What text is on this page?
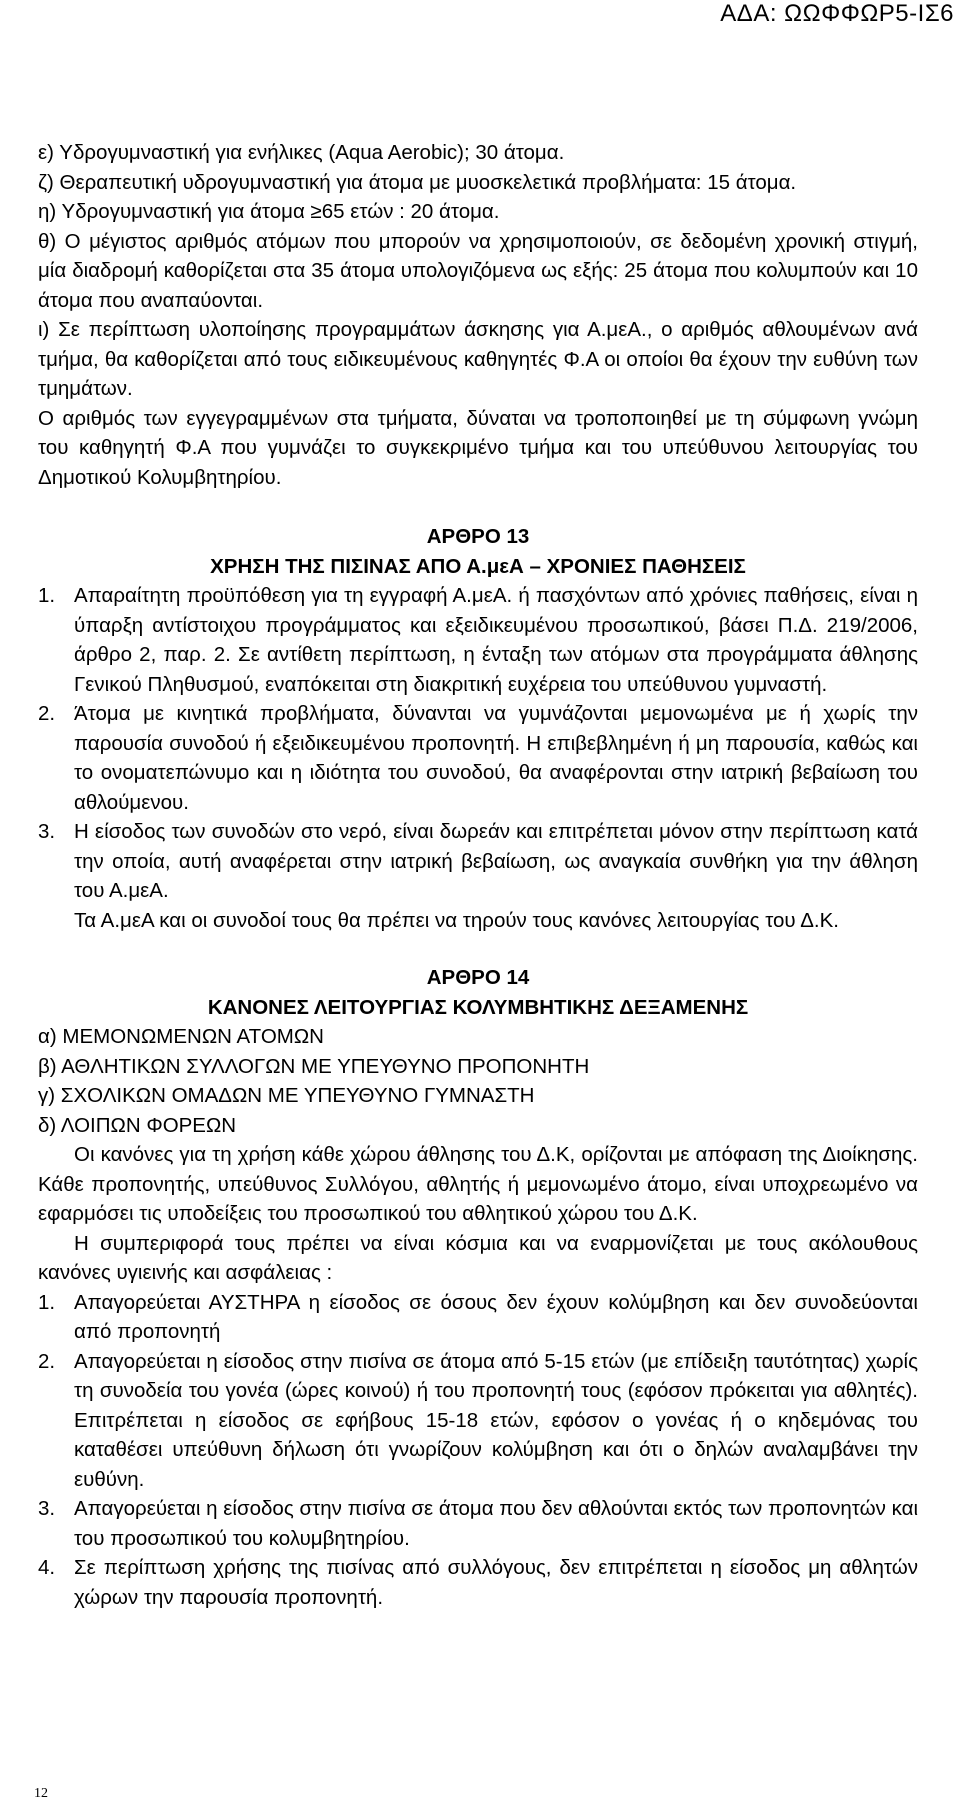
ΑΔΑ: ΩΩΦΦΩΡ5-ΙΣ6

ε) Υδρογυμναστική για ενήλικες (Aqua Aerobic); 30 άτομα.

ζ) Θεραπευτική υδρογυμναστική για άτομα με μυοσκελετικά προβλήματα: 15 άτομα.

η) Υδρογυμναστική για άτομα ≥65 ετών : 20 άτομα.

θ) Ο μέγιστος αριθμός ατόμων που μπορούν να χρησιμοποιούν, σε δεδομένη χρονική στιγμή, μία διαδρομή καθορίζεται στα 35 άτομα υπολογιζόμενα ως εξής: 25 άτομα που κολυμπούν και 10 άτομα που αναπαύονται.

ι) Σε περίπτωση υλοποίησης προγραμμάτων άσκησης για Α.μεΑ., ο αριθμός αθλουμένων ανά τμήμα, θα καθορίζεται από τους ειδικευμένους καθηγητές Φ.Α οι οποίοι θα έχουν την ευθύνη των τμημάτων.

Ο αριθμός των εγγεγραμμένων στα τμήματα, δύναται να τροποποιηθεί με τη σύμφωνη γνώμη του καθηγητή Φ.Α που γυμνάζει το συγκεκριμένο τμήμα και του υπεύθυνου λειτουργίας του Δημοτικού Κολυμβητηρίου.

ΑΡΘΡΟ 13

ΧΡΗΣΗ ΤΗΣ ΠΙΣΙΝΑΣ ΑΠΟ Α.μεΑ – ΧΡΟΝΙΕΣ ΠΑΘΗΣΕΙΣ

1. Απαραίτητη προϋπόθεση για τη εγγραφή Α.μεΑ. ή πασχόντων από χρόνιες παθήσεις, είναι η ύπαρξη αντίστοιχου προγράμματος και εξειδικευμένου προσωπικού, βάσει Π.Δ. 219/2006, άρθρο 2, παρ. 2. Σε αντίθετη περίπτωση, η ένταξη των ατόμων στα προγράμματα άθλησης Γενικού Πληθυσμού, εναπόκειται στη διακριτική ευχέρεια του υπεύθυνου γυμναστή.
2. Άτομα με κινητικά προβλήματα, δύνανται να γυμνάζονται μεμονωμένα με ή χωρίς την παρουσία συνοδού ή εξειδικευμένου προπονητή. Η επιβεβλημένη ή μη παρουσία, καθώς και το ονοματεπώνυμο και η ιδιότητα του συνοδού, θα αναφέρονται στην ιατρική βεβαίωση του αθλούμενου.
3. Η είσοδος των συνοδών στο νερό, είναι δωρεάν και επιτρέπεται μόνον στην περίπτωση κατά την οποία, αυτή αναφέρεται στην ιατρική βεβαίωση, ως αναγκαία συνθήκη για την άθληση του Α.μεΑ.

Τα Α.μεΑ και οι συνοδοί τους θα πρέπει να τηρούν τους κανόνες λειτουργίας του Δ.Κ.

ΑΡΘΡΟ 14

ΚΑΝΟΝΕΣ ΛΕΙΤΟΥΡΓΙΑΣ ΚΟΛΥΜΒΗΤΙΚΗΣ ΔΕΞΑΜΕΝΗΣ

α) ΜΕΜΟΝΩΜΕΝΩΝ ΑΤΟΜΩΝ

β) ΑΘΛΗΤΙΚΩΝ ΣΥΛΛΟΓΩΝ ΜΕ ΥΠΕΥΘΥΝΟ ΠΡΟΠΟΝΗΤΗ

γ) ΣΧΟΛΙΚΩΝ ΟΜΑΔΩΝ ΜΕ ΥΠΕΥΘΥΝΟ ΓΥΜΝΑΣΤΗ

δ) ΛΟΙΠΩΝ ΦΟΡΕΩΝ

Οι κανόνες για τη χρήση κάθε χώρου άθλησης του Δ.Κ, ορίζονται με απόφαση της Διοίκησης. Κάθε προπονητής, υπεύθυνος Συλλόγου, αθλητής ή μεμονωμένο άτομο, είναι υποχρεωμένο να εφαρμόσει τις υποδείξεις του προσωπικού του αθλητικού χώρου του Δ.Κ.

Η συμπεριφορά τους πρέπει να είναι κόσμια και να εναρμονίζεται με τους ακόλουθους κανόνες υγιεινής και ασφάλειας :

1. Απαγορεύεται ΑΥΣΤΗΡΑ η είσοδος σε όσους δεν έχουν κολύμβηση και δεν συνοδεύονται από προπονητή
2. Απαγορεύεται η είσοδος στην πισίνα σε άτομα από 5-15 ετών (με επίδειξη ταυτότητας) χωρίς τη συνοδεία του γονέα (ώρες κοινού) ή του προπονητή τους (εφόσον πρόκειται για αθλητές). Επιτρέπεται η είσοδος σε εφήβους 15-18 ετών, εφόσον ο γονέας ή ο κηδεμόνας του καταθέσει υπεύθυνη δήλωση ότι γνωρίζουν κολύμβηση και ότι ο δηλών αναλαμβάνει την ευθύνη.
3. Απαγορεύεται η είσοδος στην πισίνα σε άτομα που δεν αθλούνται εκτός των προπονητών και του προσωπικού του κολυμβητηρίου.
4. Σε περίπτωση χρήσης της πισίνας από συλλόγους, δεν επιτρέπεται η είσοδος μη αθλητών χώρων την παρουσία προπονητή.
12
